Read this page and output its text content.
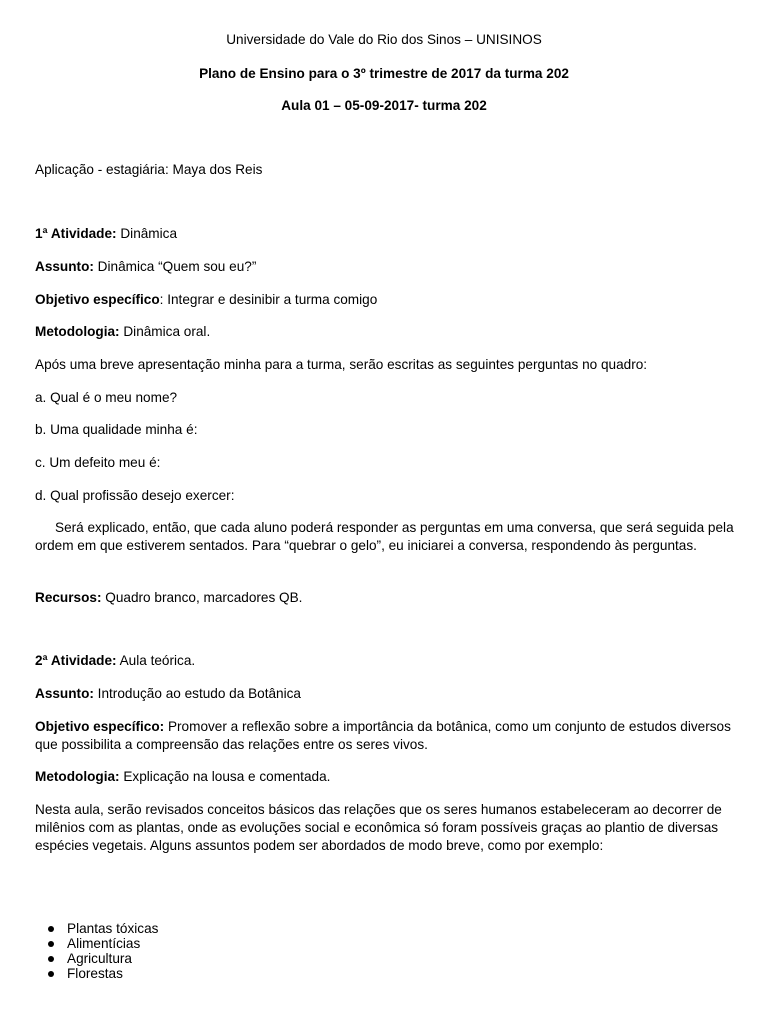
Universidade do Vale do Rio dos Sinos – UNISINOS
Plano de Ensino para o 3º trimestre de 2017 da turma 202
Aula 01 – 05-09-2017- turma 202
Aplicação - estagiária: Maya dos Reis
1ª Atividade: Dinâmica
Assunto: Dinâmica “Quem sou eu?”
Objetivo específico: Integrar e desinibir a turma comigo
Metodologia: Dinâmica oral.
Após uma breve apresentação minha para a turma, serão escritas as seguintes perguntas no quadro:
a. Qual é o meu nome?
b. Uma qualidade minha é:
c. Um defeito meu é:
d. Qual profissão desejo exercer:
Será explicado, então, que cada aluno poderá responder as perguntas em uma conversa, que será seguida pela ordem em que estiverem sentados. Para “quebrar o gelo”, eu iniciarei a conversa, respondendo às perguntas.
Recursos: Quadro branco, marcadores QB.
2ª Atividade: Aula teórica.
Assunto: Introdução ao estudo da Botânica
Objetivo específico: Promover a reflexão sobre a importância da botânica, como um conjunto de estudos diversos que possibilita a compreensão das relações entre os seres vivos.
Metodologia: Explicação na lousa e comentada.
Nesta aula, serão revisados conceitos básicos das relações que os seres humanos estabeleceram ao decorrer de milênios com as plantas, onde as evoluções social e econômica só foram possíveis graças ao plantio de diversas espécies vegetais. Alguns assuntos podem ser abordados de modo breve, como por exemplo:
Plantas tóxicas
Alimentícias
Agricultura
Florestas
